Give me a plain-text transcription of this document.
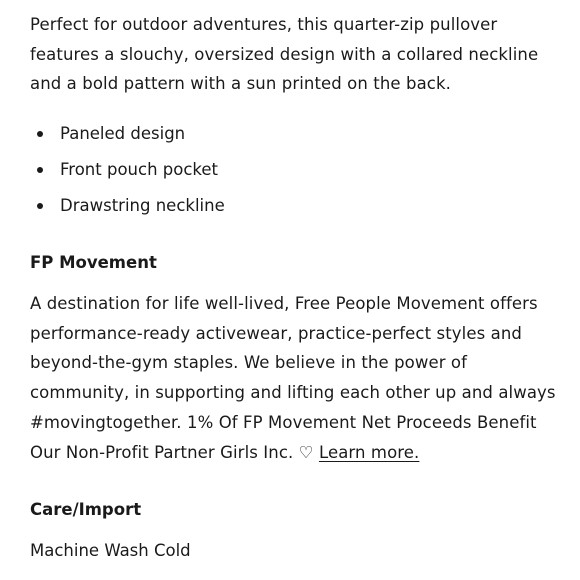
Perfect for outdoor adventures, this quarter-zip pullover features a slouchy, oversized design with a collared neckline and a bold pattern with a sun printed on the back.

Paneled design
Front pouch pocket
Drawstring neckline
FP Movement

A destination for life well-lived, Free People Movement offers performance-ready activewear, practice-perfect styles and beyond-the-gym staples. We believe in the power of community, in supporting and lifting each other up and always #movingtogether. 1% Of FP Movement Net Proceeds Benefit Our Non-Profit Partner Girls Inc. ♡ Learn more.

Care/Import

Machine Wash Cold
